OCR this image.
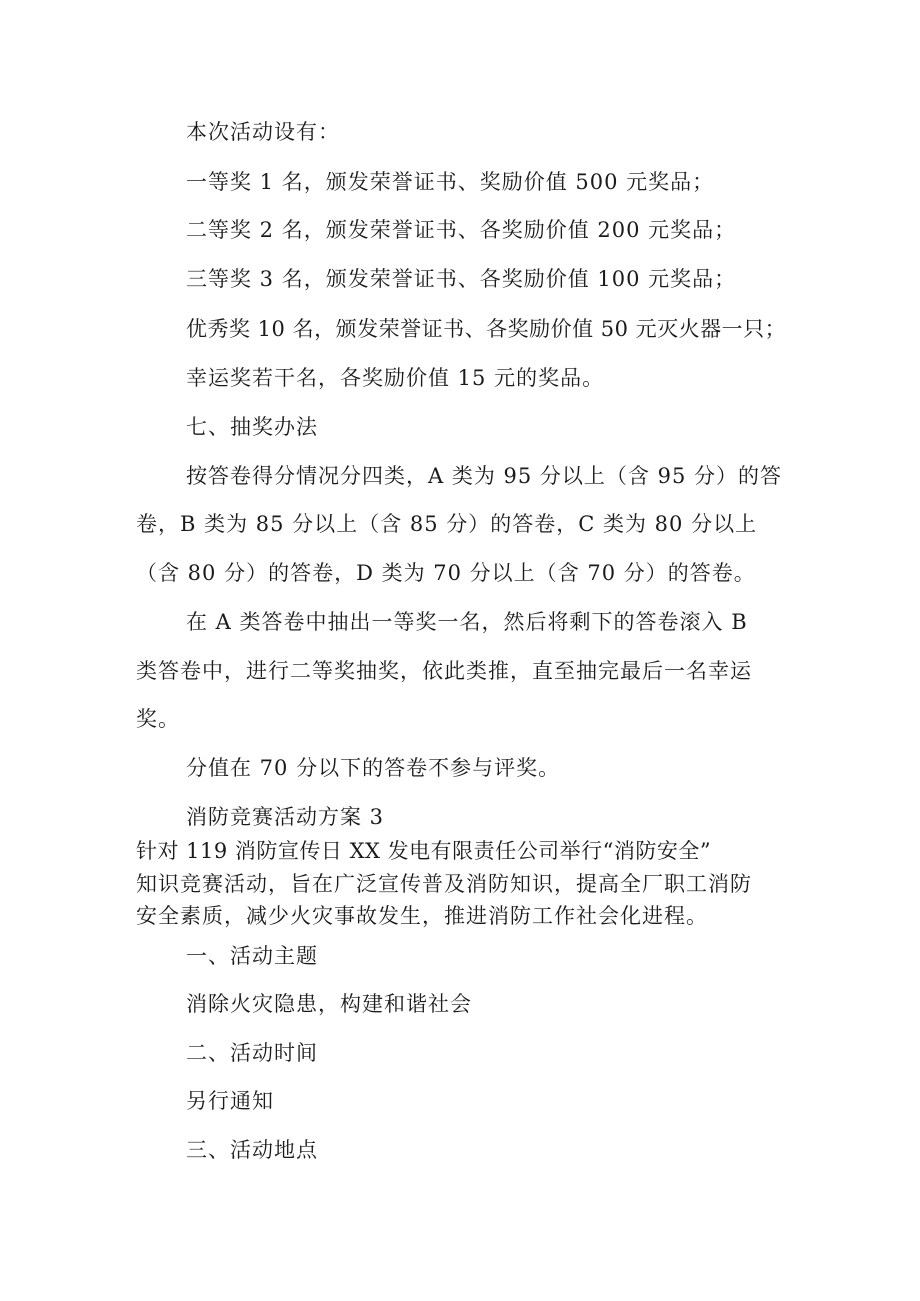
本次活动设有：
一等奖 1 名，颁发荣誉证书、奖励价值 500 元奖品；
二等奖 2 名，颁发荣誉证书、各奖励价值 200 元奖品；
三等奖 3 名，颁发荣誉证书、各奖励价值 100 元奖品；
优秀奖 10 名，颁发荣誉证书、各奖励价值 50 元灭火器一只；
幸运奖若干名，各奖励价值 15 元的奖品。
七、抽奖办法
按答卷得分情况分四类，A 类为 95 分以上（含 95 分）的答
卷，B 类为 85 分以上（含 85 分）的答卷，C 类为 80 分以上
（含 80 分）的答卷，D 类为 70 分以上（含 70 分）的答卷。
在 A 类答卷中抽出一等奖一名，然后将剩下的答卷滚入 B
类答卷中，进行二等奖抽奖，依此类推，直至抽完最后一名幸运
奖。
分值在 70 分以下的答卷不参与评奖。
消防竞赛活动方案 3
针对 119 消防宣传日 XX 发电有限责任公司举行“消防安全”
知识竞赛活动，旨在广泛宣传普及消防知识，提高全厂职工消防
安全素质，减少火灾事故发生，推进消防工作社会化进程。
一、活动主题
消除火灾隐患，构建和谐社会
二、活动时间
另行通知
三、活动地点
